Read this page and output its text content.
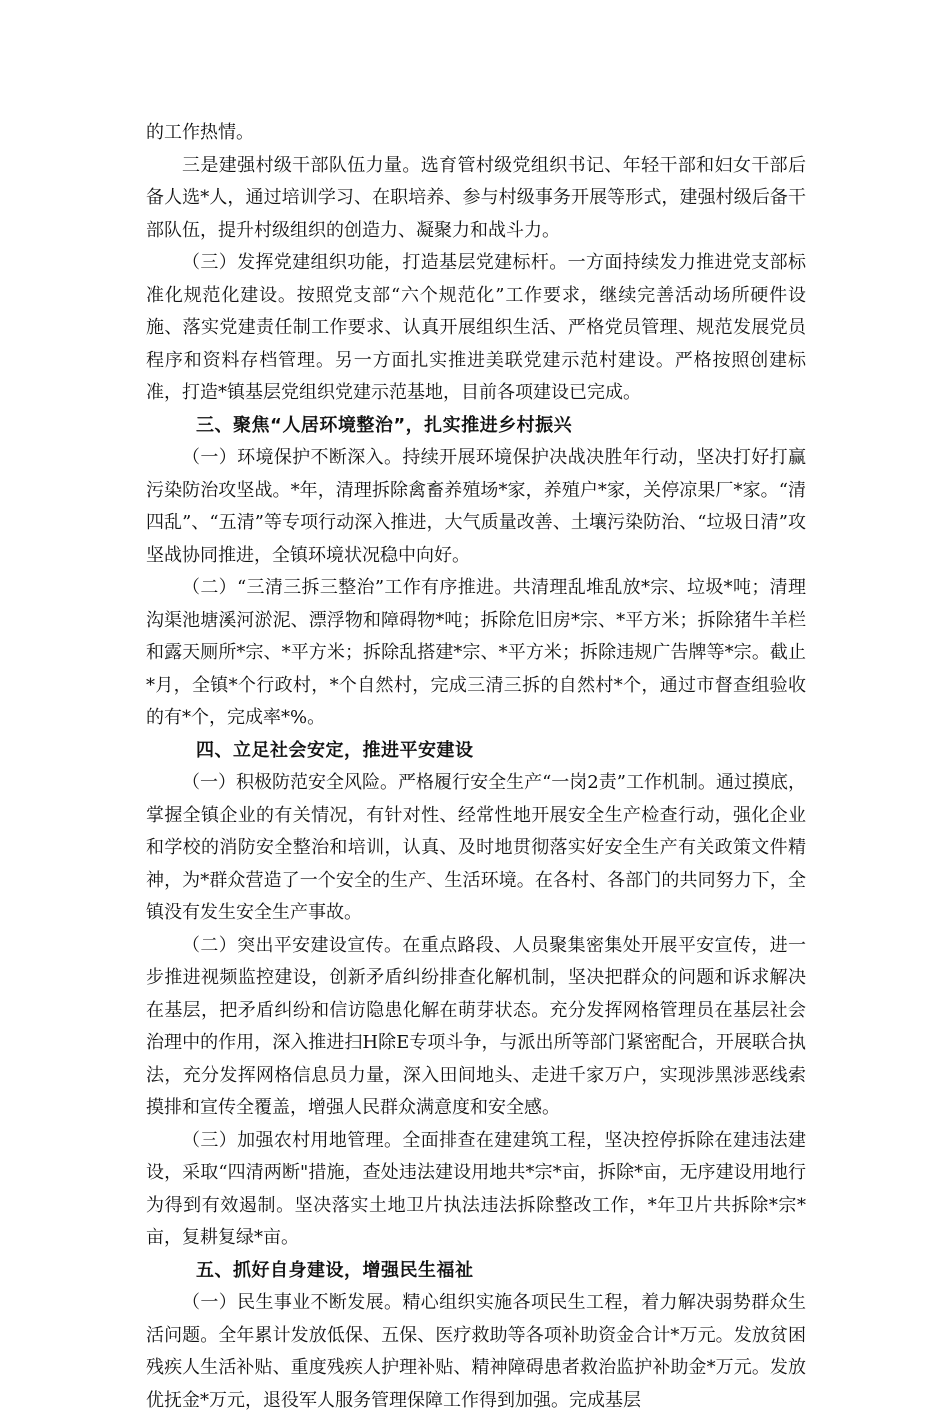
的工作热情。

三是建强村级干部队伍力量。选育管村级党组织书记、年轻干部和妇女干部后备人选*人，通过培训学习、在职培养、参与村级事务开展等形式，建强村级后备干部队伍，提升村级组织的创造力、凝聚力和战斗力。

（三）发挥党建组织功能，打造基层党建标杆。一方面持续发力推进党支部标准化规范化建设。按照党支部“六个规范化”工作要求，继续完善活动场所硬件设施、落实党建责任制工作要求、认真开展组织生活、严格党员管理、规范发展党员程序和资料存档管理。另一方面扎实推进美联党建示范村建设。严格按照创建标准，打造*镇基层党组织党建示范基地，目前各项建设已完成。

三、聚焦“人居环境整治”，扎实推进乡村振兴

（一）环境保护不断深入。持续开展环境保护决战决胜年行动，坚决打好打赢污染防治攻坚战。*年，清理拆除禽畜养殖场*家，养殖户*家，关停凉果厂*家。“清四乱”、“五清”等专项行动深入推进，大气质量改善、土壤污染防治、“垃圾日清”攻坚战协同推进，全镇环境状况稳中向好。

（二）“三清三拆三整治”工作有序推进。共清理乱堆乱放*宗、垃圾*吨；清理沟渠池塘溪河淤泥、漂浮物和障碍物*吨；拆除危旧房*宗、*平方米；拆除猪牛羊栏和露天厕所*宗、*平方米；拆除乱搭建*宗、*平方米；拆除违规广告牌等*宗。截止*月，全镇*个行政村，*个自然村，完成三清三拆的自然村*个，通过市督查组验收的有*个，完成率*%。

四、立足社会安定，推进平安建设

（一）积极防范安全风险。严格履行安全生产“一岗2责”工作机制。通过摸底，掌握全镇企业的有关情况，有针对性、经常性地开展安全生产检查行动，强化企业和学校的消防安全整治和培训，认真、及时地贯彻落实好安全生产有关政策文件精神，为*群众营造了一个安全的生产、生活环境。在各村、各部门的共同努力下，全镇没有发生安全生产事故。

（二）突出平安建设宣传。在重点路段、人员聚集密集处开展平安宣传，进一步推进视频监控建设，创新矛盾纠纷排查化解机制，坚决把群众的问题和诉求解决在基层，把矛盾纠纷和信访隐患化解在萌芽状态。充分发挥网格管理员在基层社会治理中的作用，深入推进扫H除E专项斗争，与派出所等部门紧密配合，开展联合执法，充分发挥网格信息员力量，深入田间地头、走进千家万户，实现涉黑涉恶线索摸排和宣传全覆盖，增强人民群众满意度和安全感。

（三）加强农村用地管理。全面排查在建建筑工程，坚决控停拆除在建违法建设，采取“四清两断"措施，查处违法建设用地共*宗*亩，拆除*亩，无序建设用地行为得到有效遏制。坚决落实土地卫片执法违法拆除整改工作，*年卫片共拆除*宗*亩，复耕复绿*亩。

五、抓好自身建设，增强民生福祉

（一）民生事业不断发展。精心组织实施各项民生工程，着力解决弱势群众生活问题。全年累计发放低保、五保、医疗救助等各项补助资金合计*万元。发放贫困残疾人生活补贴、重度残疾人护理补贴、精神障碍患者救治监护补助金*万元。发放优抚金*万元，退役军人服务管理保障工作得到加强。完成基层
